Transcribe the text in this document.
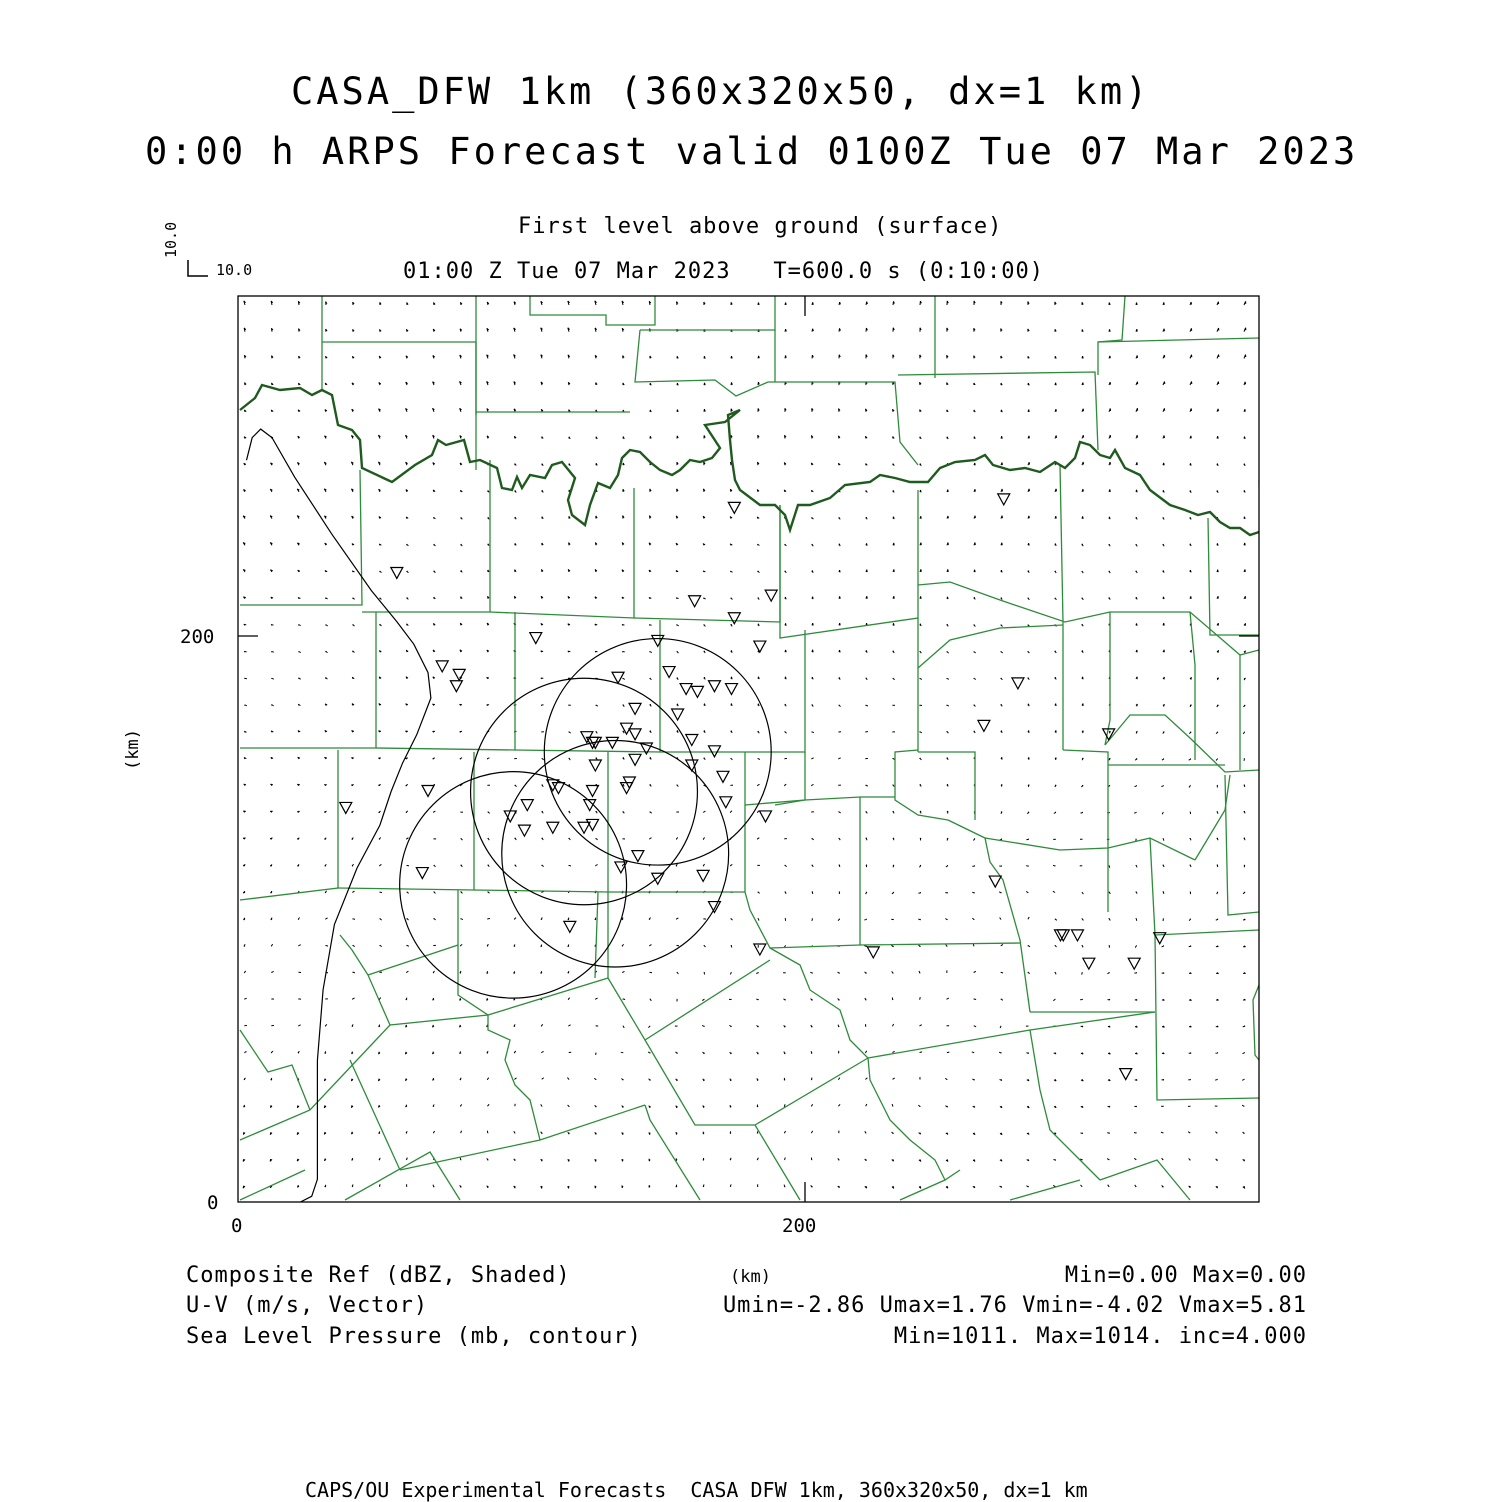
CASA_DFW 1km (360x320x50, dx=1 km)
0:00 h ARPS Forecast valid 0100Z Tue 07 Mar 2023
First level above ground (surface)
01:00 Z Tue 07 Mar 2023   T=600.0 s (0:10:00)
10.0
10.0
0	200
0
200
(km)
(km)
Composite Ref (dBZ, Shaded)	Min=0.00 Max=0.00
U-V (m/s, Vector)	Umin=-2.86 Umax=1.76 Vmin=-4.02 Vmax=5.81
Sea Level Pressure (mb, contour)	Min=1011. Max=1014. inc=4.000
CAPS/OU Experimental Forecasts  CASA DFW 1km, 360x320x50, dx=1 km
